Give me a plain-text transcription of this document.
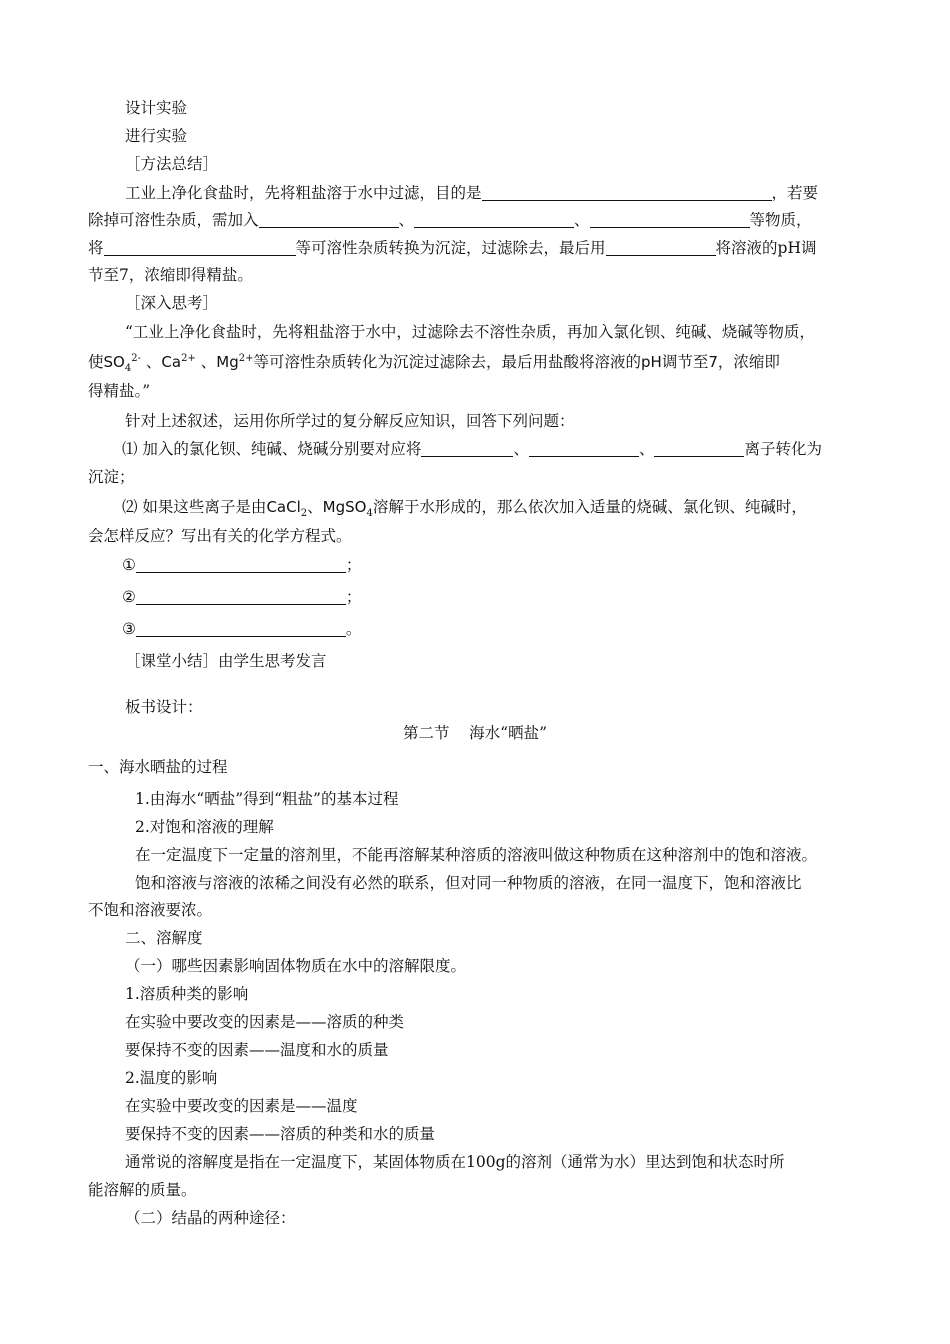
设计实验
进行实验
［方法总结］
工业上净化食盐时，先将粗盐溶于水中过滤，目的是	，若要
除掉可溶性杂质，需加入	、	、	等物质，
将	等可溶性杂质转换为沉淀，过滤除去，最后用	将溶液的pH调
节至7，浓缩即得精盐。
［深入思考］
“工业上净化食盐时，先将粗盐溶于水中，过滤除去不溶性杂质，再加入氯化钡、纯碱、烧碱等物质，
使$SO_4^{2-}$ 、$Ca^{2+}$ 、$Mg^{2+}$等可溶性杂质转化为沉淀过滤除去，最后用盐酸将溶液的pH调节至7，浓缩即
得精盐。”
针对上述叙述，运用你所学过的复分解反应知识，回答下列问题：
⑴ 加入的氯化钡、纯碱、烧碱分别要对应将	、	、	离子转化为
沉淀；
⑵ 如果这些离子是由CaCl$_2$、MgSO$_4$溶解于水形成的，那么依次加入适量的烧碱、氯化钡、纯碱时，
会怎样反应？写出有关的化学方程式。
①	；
②	；
③	。
［课堂小结］由学生思考发言
板书设计：
第二节    海水“晒盐”
一、海水晒盐的过程
1.由海水“晒盐”得到“粗盐”的基本过程
2.对饱和溶液的理解
在一定温度下一定量的溶剂里，不能再溶解某种溶质的溶液叫做这种物质在这种溶剂中的饱和溶液。
饱和溶液与溶液的浓稀之间没有必然的联系，但对同一种物质的溶液，在同一温度下，饱和溶液比
不饱和溶液要浓。
二、溶解度
（一）哪些因素影响固体物质在水中的溶解限度。
1.溶质种类的影响
在实验中要改变的因素是——溶质的种类
要保持不变的因素——温度和水的质量
2.温度的影响
在实验中要改变的因素是——温度
要保持不变的因素——溶质的种类和水的质量
通常说的溶解度是指在一定温度下，某固体物质在100g的溶剂（通常为水）里达到饱和状态时所
能溶解的质量。
（二）结晶的两种途径：
